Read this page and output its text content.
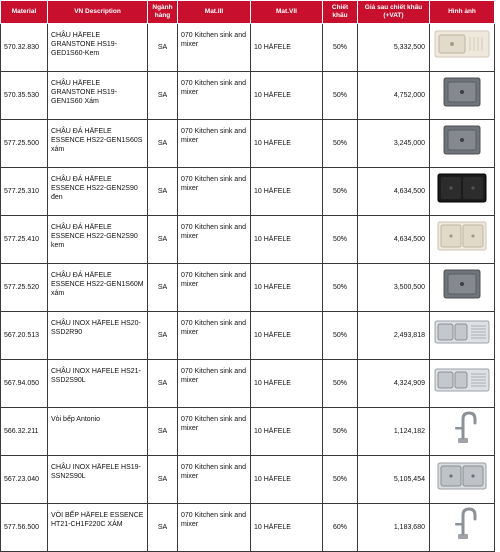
Material	VN Description	Ngành hàng	Mat.III	Mat.VII	Chiết khấu	Giá sau chiết khấu (+VAT)	Hình ảnh
570.32.830	CHẬU HÄFELE GRANSTONE HS19-GED1S60-Kem	SA	070 Kitchen sink and mixer	10 HÄFELE	50%	5,332,500	

570.35.530	CHẬU HÄFELE GRANSTONE HS19-GEN1S60 Xám	SA	070 Kitchen sink and mixer	10 HÄFELE	50%	4,752,000	

577.25.500	CHẬU ĐÁ HÄFELE ESSENCE HS22-GEN1S60S xám	SA	070 Kitchen sink and mixer	10 HÄFELE	50%	3,245,000	

577.25.310	CHẬU ĐÁ HÄFELE ESSENCE HS22-GEN2S90 đen	SA	070 Kitchen sink and mixer	10 HÄFELE	50%	4,634,500	

577.25.410	CHẬU ĐÁ HÄFELE ESSENCE HS22-GEN2S90 kem	SA	070 Kitchen sink and mixer	10 HÄFELE	50%	4,634,500	

577.25.520	CHẬU ĐÁ HÄFELE ESSENCE HS22-GEN1S60M xám	SA	070 Kitchen sink and mixer	10 HÄFELE	50%	3,500,500	

567.20.513	CHẬU INOX HÄFELE HS20-SSD2R90	SA	070 Kitchen sink and mixer	10 HÄFELE	50%	2,493,818	

567.94.050	CHẬU INOX HAFELE HS21-SSD2S90L	SA	070 Kitchen sink and mixer	10 HÄFELE	50%	4,324,909	

566.32.211	Vòi bếp Antonio	SA	070 Kitchen sink and mixer	10 HÄFELE	50%	1,124,182	

567.23.040	CHẬU INOX HÄFELE HS19-SSN2S90L	SA	070 Kitchen sink and mixer	10 HÄFELE	50%	5,105,454	

577.56.500	VÒI BẾP HÄFELE ESSENCE HT21-CH1F220C XÁM	SA	070 Kitchen sink and mixer	10 HÄFELE	60%	1,183,680	
